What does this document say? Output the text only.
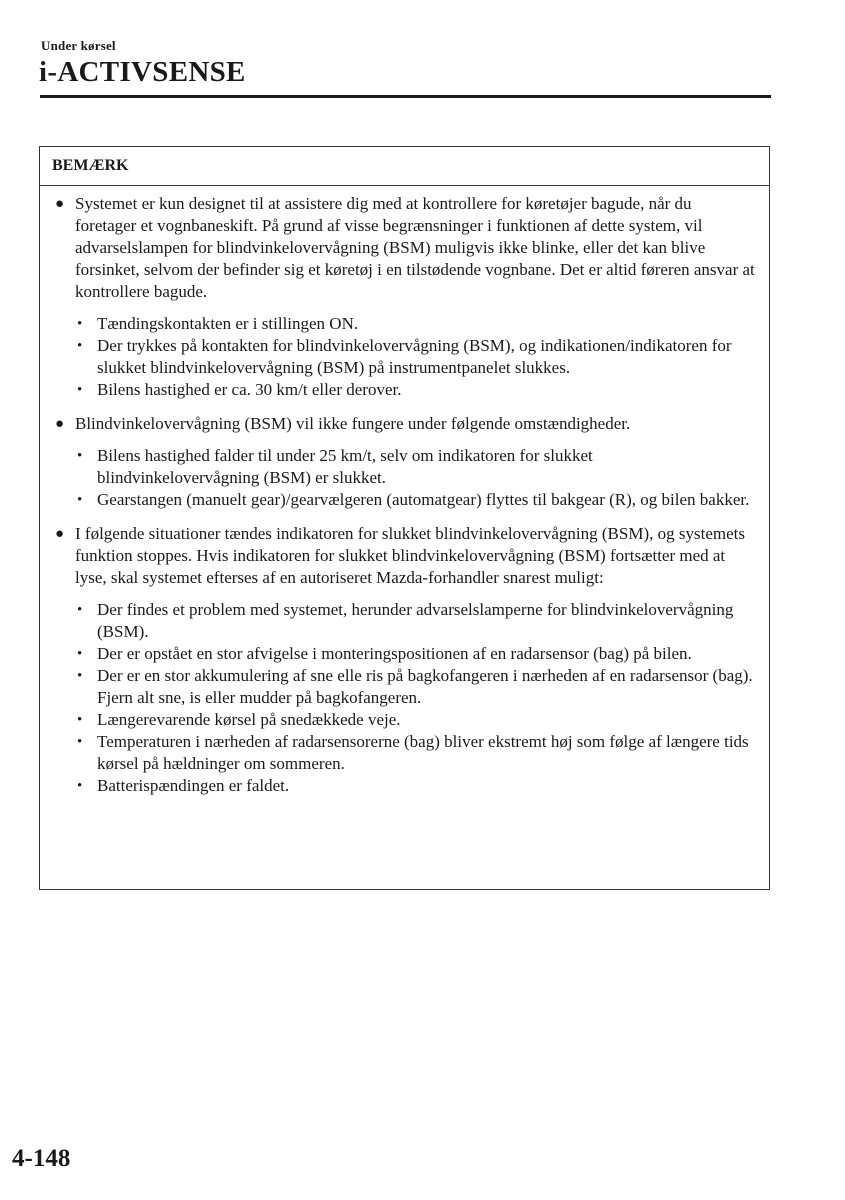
Under kørsel
i-ACTIVSENSE
BEMÆRK
● Systemet er kun designet til at assistere dig med at kontrollere for køretøjer bagude, når du foretager et vognbaneskift. På grund af visse begrænsninger i funktionen af dette system, vil advarselslampen for blindvinkelovervågning (BSM) muligvis ikke blinke, eller det kan blive forsinket, selvom der befinder sig et køretøj i en tilstødende vognbane. Det er altid føreren ansvar at kontrollere bagude.
• Tændingskontakten er i stillingen ON.
• Der trykkes på kontakten for blindvinkelovervågning (BSM), og indikationen/indikatoren for slukket blindvinkelovervågning (BSM) på instrumentpanelet slukkes.
• Bilens hastighed er ca. 30 km/t eller derover.
● Blindvinkelovervågning (BSM) vil ikke fungere under følgende omstændigheder.
• Bilens hastighed falder til under 25 km/t, selv om indikatoren for slukket blindvinkelovervågning (BSM) er slukket.
• Gearstangen (manuelt gear)/gearvælgeren (automatgear) flyttes til bakgear (R), og bilen bakker.
● I følgende situationer tændes indikatoren for slukket blindvinkelovervågning (BSM), og systemets funktion stoppes. Hvis indikatoren for slukket blindvinkelovervågning (BSM) fortsætter med at lyse, skal systemet efterses af en autoriseret Mazda-forhandler snarest muligt:
• Der findes et problem med systemet, herunder advarselslamperne for blindvinkelovervågning (BSM).
• Der er opstået en stor afvigelse i monteringspositionen af en radarsensor (bag) på bilen.
• Der er en stor akkumulering af sne elle ris på bagkofangeren i nærheden af en radarsensor (bag). Fjern alt sne, is eller mudder på bagkofangeren.
• Længerevarende kørsel på snedækkede veje.
• Temperaturen i nærheden af radarsensorerne (bag) bliver ekstremt høj som følge af længere tids kørsel på hældninger om sommeren.
• Batterispændingen er faldet.
4-148
